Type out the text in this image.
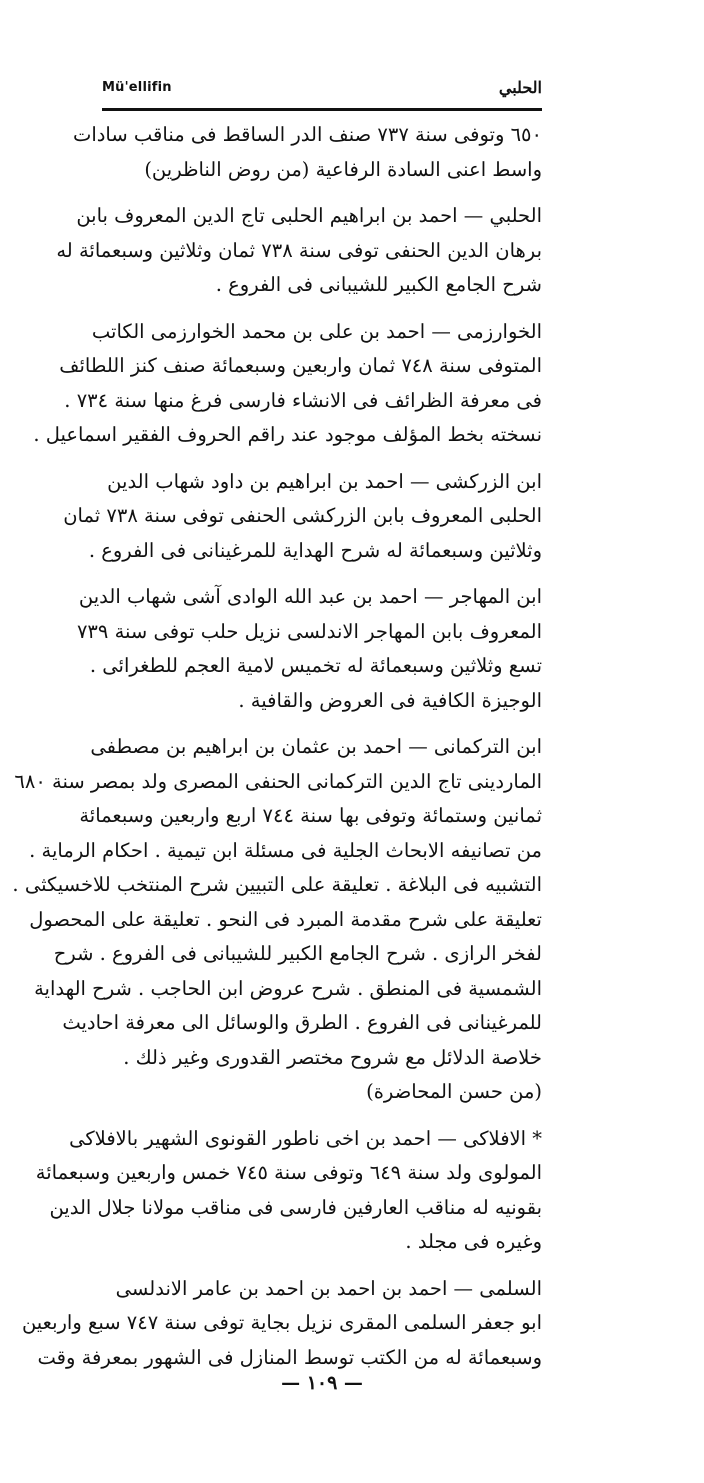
Mü'ellifin	الحلبي
٦٥٠ وتوفى سنة ٧٣٧ صنف الدر الساقط فى مناقب سادات
واسط اعنى السادة الرفاعية (من روض الناظرين)
الحلبي — احمد بن ابراهيم الحلبى تاج الدين المعروف بابن
برهان الدين الحنفى توفى سنة ٧٣٨ ثمان وثلاثين وسبعمائة له
شرح الجامع الكبير للشيبانى فى الفروع .
الخوارزمى — احمد بن على بن محمد الخوارزمى الكاتب
المتوفى سنة ٧٤٨ ثمان واربعين وسبعمائة صنف كنز اللطائف
فى معرفة الظرائف فى الانشاء فارسى فرغ منها سنة ٧٣٤ .
نسخته بخط المؤلف موجود عند راقم الحروف الفقير اسماعيل .
ابن الزركشى — احمد بن ابراهيم بن داود شهاب الدين
الحلبى المعروف بابن الزركشى الحنفى توفى سنة ٧٣٨ ثمان
وثلاثين وسبعمائة له شرح الهداية للمرغينانى فى الفروع .
ابن المهاجر — احمد بن عبد الله الوادى آشى شهاب الدين
المعروف بابن المهاجر الاندلسى نزيل حلب توفى سنة ٧٣٩
تسع وثلاثين وسبعمائة له تخميس لامية العجم للطغرائى .
الوجيزة الكافية فى العروض والقافية .
ابن التركمانى — احمد بن عثمان بن ابراهيم بن مصطفى
الماردينى تاج الدين التركمانى الحنفى المصرى ولد بمصر سنة ٦٨٠
ثمانين وستمائة وتوفى بها سنة ٧٤٤ اربع واربعين وسبعمائة
من تصانيفه الابحاث الجلية فى مسئلة ابن تيمية . احكام الرماية .
التشبيه فى البلاغة . تعليقة على التبيين شرح المنتخب للاخسيكثى .
تعليقة على شرح مقدمة المبرد فى النحو . تعليقة على المحصول
لفخر الرازى . شرح الجامع الكبير للشيبانى فى الفروع . شرح
الشمسية فى المنطق . شرح عروض ابن الحاجب . شرح الهداية
للمرغينانى فى الفروع . الطرق والوسائل الى معرفة احاديث
خلاصة الدلائل مع شروح مختصر القدورى وغير ذلك .
(من حسن المحاضرة)
* الافلاكى — احمد بن اخى ناطور القونوى الشهير بالافلاكى
المولوى ولد سنة ٦٤٩ وتوفى سنة ٧٤٥ خمس واربعين وسبعمائة
بقونيه له مناقب العارفين فارسى فى مناقب مولانا جلال الدين
وغيره فى مجلد .
السلمى — احمد بن احمد بن احمد بن عامر الاندلسى
ابو جعفر السلمى المقرى نزيل بجاية توفى سنة ٧٤٧ سبع واربعين
وسبعمائة له من الكتب توسط المنازل فى الشهور بمعرفة وقت
— ١٠٩ —
